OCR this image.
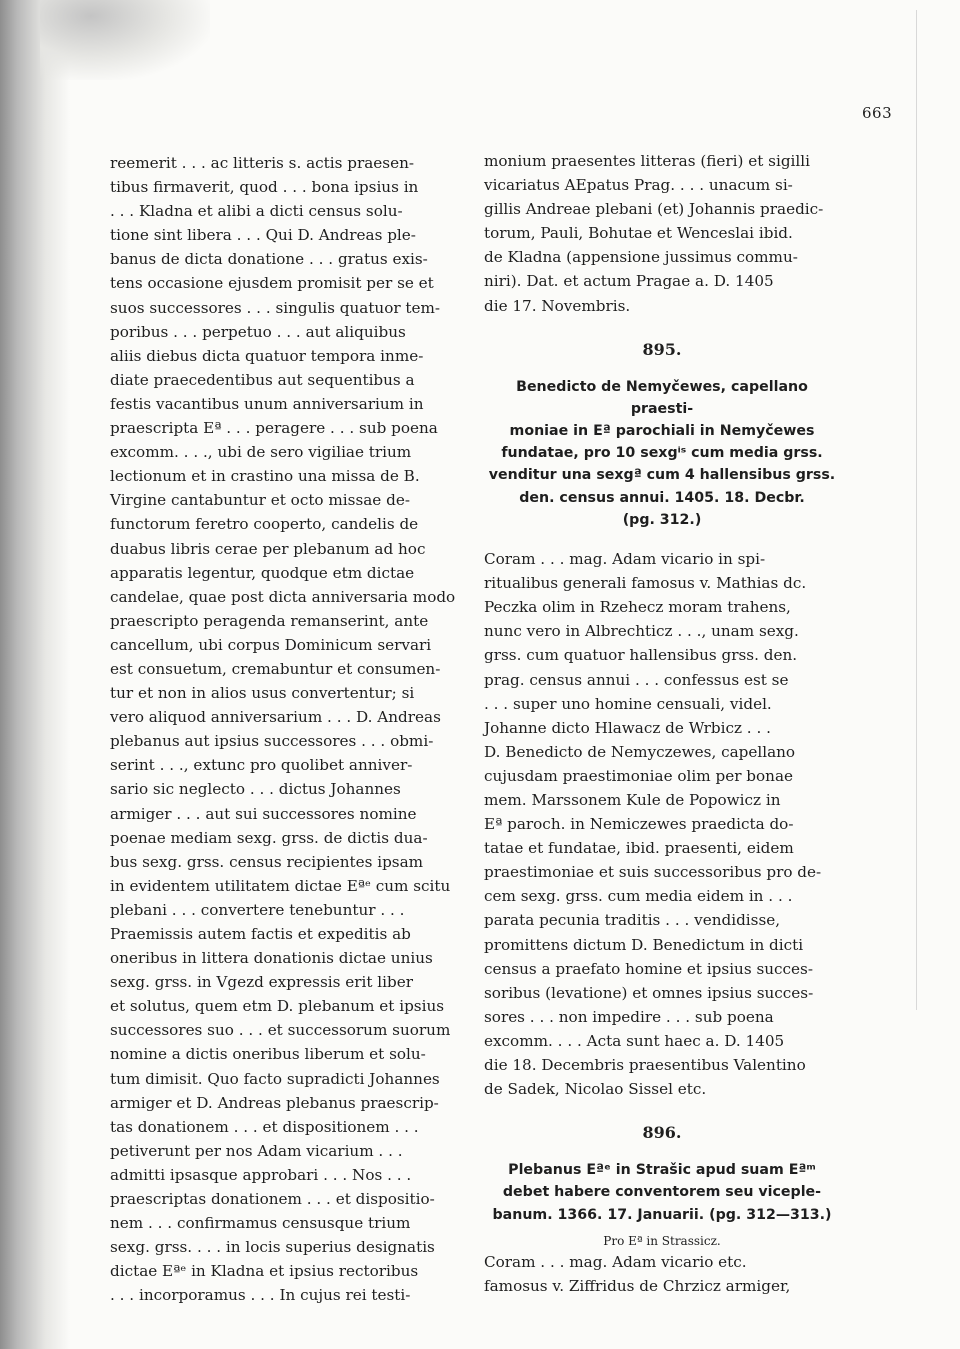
663
reemerit . . . ac litteris s. actis praesen-
tibus firmaverit, quod . . . bona ipsius in
. . . Kladna et alibi a dicti census solu-
tione sint libera . . . Qui D. Andreas ple-
banus de dicta donatione . . . gratus exis-
tens occasione ejusdem promisit per se et
suos successores . . . singulis quatuor tem-
poribus . . . perpetuo . . . aut aliquibus
aliis diebus dicta quatuor tempora inme-
diate praecedentibus aut sequentibus a
festis vacantibus unum anniversarium in
praescripta Eª . . . peragere . . . sub poena
excomm. . . ., ubi de sero vigiliae trium
lectionum et in crastino una missa de B.
Virgine cantabuntur et octo missae de-
functorum feretro cooperto, candelis de
duabus libris cerae per plebanum ad hoc
apparatis legentur, quodque etm dictae
candelae, quae post dicta anniversaria modo
praescripto peragenda remanserint, ante
cancellum, ubi corpus Dominicum servari
est consuetum, cremabuntur et consumen-
tur et non in alios usus convertentur; si
vero aliquod anniversarium . . . D. Andreas
plebanus aut ipsius successores . . . obmi-
serint . . ., extunc pro quolibet anniver-
sario sic neglecto . . . dictus Johannes
armiger . . . aut sui successores nomine
poenae mediam sexg. grss. de dictis dua-
bus sexg. grss. census recipientes ipsam
in evidentem utilitatem dictae Eªᵉ cum scitu
plebani . . . convertere tenebuntur . . .
Praemissis autem factis et expeditis ab
oneribus in littera donationis dictae unius
sexg. grss. in Vgezd expressis erit liber
et solutus, quem etm D. plebanum et ipsius
successores suo . . . et successorum suorum
nomine a dictis oneribus liberum et solu-
tum dimisit. Quo facto supradicti Johannes
armiger et D. Andreas plebanus praescrip-
tas donationem . . . et dispositionem . . .
petiverunt per nos Adam vicarium . . .
admitti ipsasque approbari . . . Nos . . .
praescriptas donationem . . . et dispositio-
nem . . . confirmamus censusque trium
sexg. grss. . . . in locis superius designatis
dictae Eªᵉ in Kladna et ipsius rectoribus
. . . incorporamus . . . In cujus rei testi-
monium praesentes litteras (fieri) et sigilli
vicariatus AEpatus Prag. . . . unacum si-
gillis Andreae plebani (et) Johannis praedic-
torum, Pauli, Bohutae et Wenceslai ibid.
de Kladna (appensione jussimus commu-
niri). Dat. et actum Pragae a. D. 1405
die 17. Novembris.
895.
Benedicto de Nemyčewes, capellano praesti-
moniae in Eª parochiali in Nemyčewes
fundatae, pro 10 sexgⁱˢ cum media grss.
venditur una sexgª cum 4 hallensibus grss.
den. census annui. 1405. 18. Decbr.
(pg. 312.)
Coram . . . mag. Adam vicario in spi-
ritualibus generali famosus v. Mathias dc.
Peczka olim in Rzehecz moram trahens,
nunc vero in Albrechticz . . ., unam sexg.
grss. cum quatuor hallensibus grss. den.
prag. census annui . . . confessus est se
. . . super uno homine censuali, videl.
Johanne dicto Hlawacz de Wrbicz . . .
D. Benedicto de Nemyczewes, capellano
cujusdam praestimoniae olim per bonae
mem. Marssonem Kule de Popowicz in
Eª paroch. in Nemiczewes praedicta do-
tatae et fundatae, ibid. praesenti, eidem
praestimoniae et suis successoribus pro de-
cem sexg. grss. cum media eidem in . . .
parata pecunia traditis . . . vendidisse,
promittens dictum D. Benedictum in dicti
census a praefato homine et ipsius succes-
soribus (levatione) et omnes ipsius succes-
sores . . . non impedire . . . sub poena
excomm. . . . Acta sunt haec a. D. 1405
die 18. Decembris praesentibus Valentino
de Sadek, Nicolao Sissel etc.
896.
Plebanus Eªᵉ in Strašic apud suam Eªᵐ
debet habere conventorem seu viceple-
banum. 1366. 17. Januarii. (pg. 312—313.)
Pro Eª in Strassicz.
Coram . . . mag. Adam vicario etc.
famosus v. Ziffridus de Chrzicz armiger,
